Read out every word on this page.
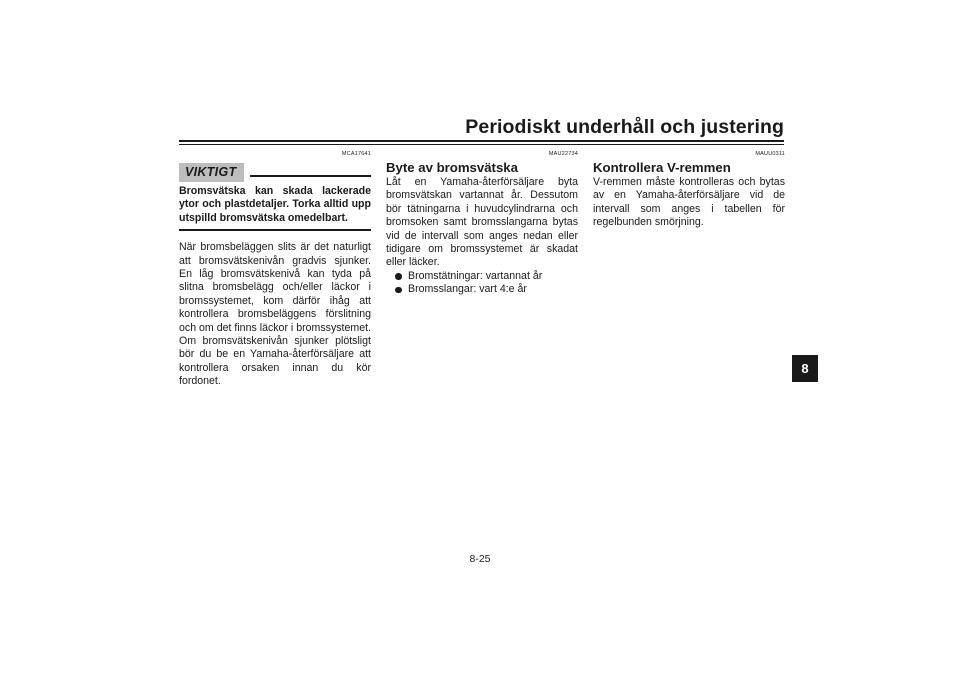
Periodiskt underhåll och justering
MCA17641
VIKTIGT
Bromsvätska kan skada lackerade ytor och plastdetaljer. Torka alltid upp utspilld bromsvätska omedelbart.
När bromsbeläggen slits är det naturligt att bromsvätskenivån gradvis sjunker. En låg bromsvätskenivå kan tyda på slitna bromsbelägg och/eller läckor i bromssystemet, kom därför ihåg att kontrollera bromsbeläggens förslitning och om det finns läckor i bromssystemet. Om bromsvätskenivån sjunker plötsligt bör du be en Yamaha-återförsäljare att kontrollera orsaken innan du kör fordonet.
MAU22734
Byte av bromsvätska
Låt en Yamaha-återförsäljare byta bromsvätskan vartannat år. Dessutom bör tätningarna i huvudcylindrarna och bromsoken samt bromsslangarna bytas vid de intervall som anges nedan eller tidigare om bromssystemet är skadat eller läcker.
Bromstätningar: vartannat år
Bromsslangar: vart 4:e år
MAUU0311
Kontrollera V-remmen
V-remmen måste kontrolleras och bytas av en Yamaha-återförsäljare vid de intervall som anges i tabellen för regelbunden smörjning.
8
8-25
